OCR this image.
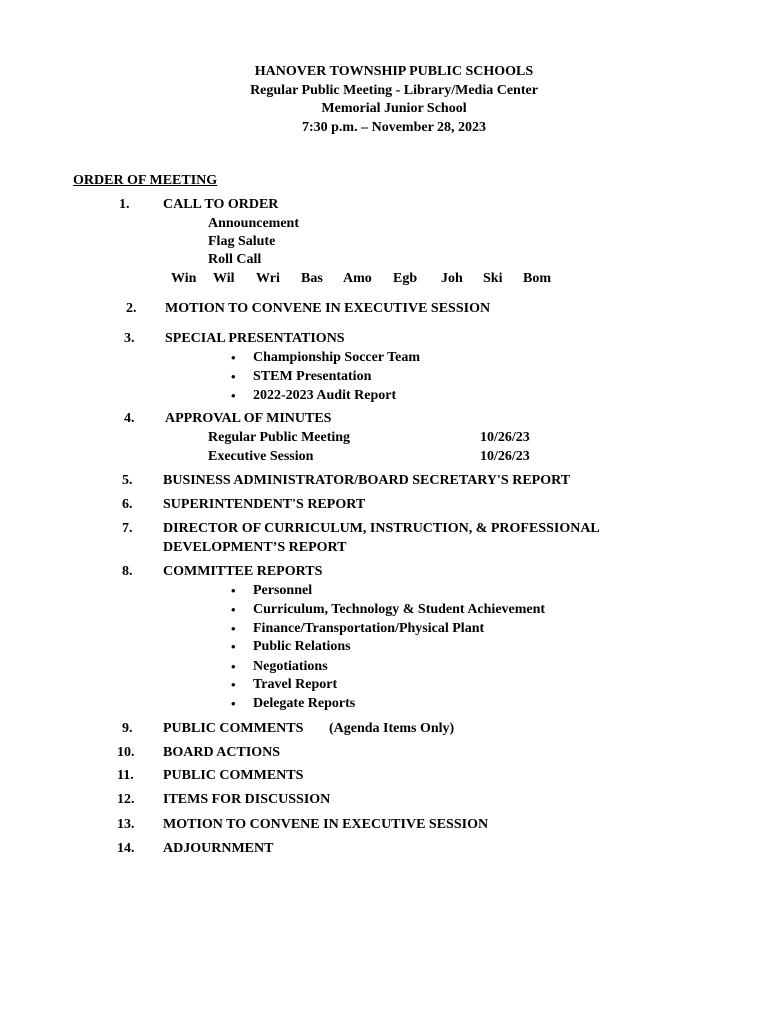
HANOVER TOWNSHIP PUBLIC SCHOOLS
Regular Public Meeting - Library/Media Center
Memorial Junior School
7:30 p.m. – November 28, 2023
ORDER OF MEETING
1. CALL TO ORDER
Announcement
Flag Salute
Roll Call
Win Wil Wri Bas Amo Egb Joh Ski Bom
2. MOTION TO CONVENE IN EXECUTIVE SESSION
3. SPECIAL PRESENTATIONS
• Championship Soccer Team
• STEM Presentation
• 2022-2023 Audit Report
4. APPROVAL OF MINUTES
Regular Public Meeting	10/26/23
Executive Session	10/26/23
5. BUSINESS ADMINISTRATOR/BOARD SECRETARY'S REPORT
6. SUPERINTENDENT'S REPORT
7. DIRECTOR OF CURRICULUM, INSTRUCTION, & PROFESSIONAL
DEVELOPMENT’S REPORT
8. COMMITTEE REPORTS
• Personnel
• Curriculum, Technology & Student Achievement
• Finance/Transportation/Physical Plant
• Public Relations
• Negotiations
• Travel Report
• Delegate Reports
9. PUBLIC COMMENTS (Agenda Items Only)
10. BOARD ACTIONS
11. PUBLIC COMMENTS
12. ITEMS FOR DISCUSSION
13. MOTION TO CONVENE IN EXECUTIVE SESSION
14. ADJOURNMENT
